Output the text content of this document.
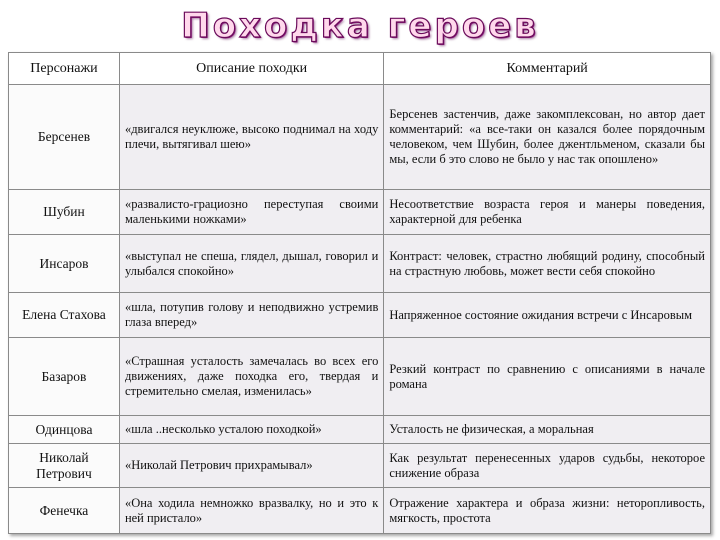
Походка героев
Персонажи	Описание походки	Комментарий
Берсенев	«двигался неуклюже, высоко поднимал на ходу плечи, вытягивал шею»	Берсенев застенчив, даже закомплексован, но автор дает комментарий: «а все-таки он казался более порядочным человеком, чем Шубин, более джентльменом, сказали бы мы, если б это слово не было у нас так опошлено»
Шубин	«развалисто-грациозно переступая своими маленькими ножками»	Несоответствие возраста героя и манеры поведения, характерной для ребенка
Инсаров	«выступал не спеша, глядел, дышал, говорил и улыбался спокойно»	Контраст: человек, страстно любящий родину, способный на страстную любовь, может вести себя спокойно
Елена Стахова	«шла, потупив голову и неподвижно устремив глаза вперед»	Напряженное состояние ожидания встречи с Инсаровым
Базаров	«Страшная усталость замечалась во всех его движениях, даже походка его, твердая и стремительно смелая, изменилась»	Резкий контраст по сравнению с описаниями в начале романа
Одинцова	«шла ..несколько усталою походкой»	Усталость не физическая, а моральная
Николай Петрович	«Николай Петрович прихрамывал»	Как результат перенесенных ударов судьбы, некоторое снижение образа
Фенечка	«Она ходила немножко вразвалку, но и это к ней пристало»	Отражение характера и образа жизни: неторопливость, мягкость, простота
